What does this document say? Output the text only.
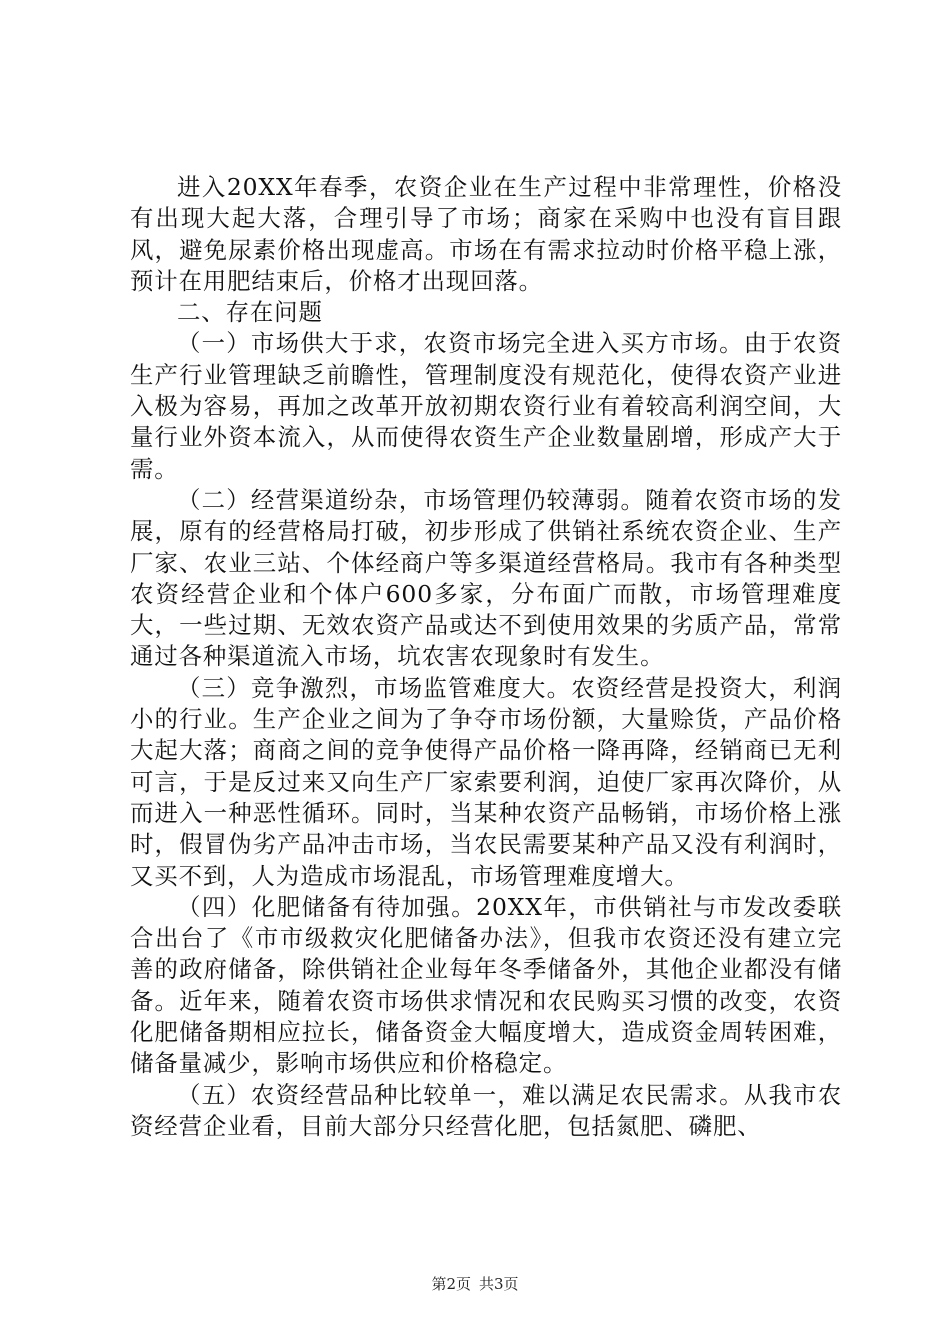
进入20XX年春季，农资企业在生产过程中非常理性，价格没有出现大起大落，合理引导了市场；商家在采购中也没有盲目跟风，避免尿素价格出现虚高。市场在有需求拉动时价格平稳上涨，预计在用肥结束后，价格才出现回落。

二、存在问题

（一）市场供大于求，农资市场完全进入买方市场。由于农资生产行业管理缺乏前瞻性，管理制度没有规范化，使得农资产业进入极为容易，再加之改革开放初期农资行业有着较高利润空间，大量行业外资本流入，从而使得农资生产企业数量剧增，形成产大于需。

（二）经营渠道纷杂，市场管理仍较薄弱。随着农资市场的发展，原有的经营格局打破，初步形成了供销社系统农资企业、生产厂家、农业三站、个体经商户等多渠道经营格局。我市有各种类型农资经营企业和个体户600多家，分布面广而散，市场管理难度大，一些过期、无效农资产品或达不到使用效果的劣质产品，常常通过各种渠道流入市场，坑农害农现象时有发生。

（三）竞争激烈，市场监管难度大。农资经营是投资大，利润小的行业。生产企业之间为了争夺市场份额，大量赊货，产品价格大起大落；商商之间的竞争使得产品价格一降再降，经销商已无利可言，于是反过来又向生产厂家索要利润，迫使厂家再次降价，从而进入一种恶性循环。同时，当某种农资产品畅销，市场价格上涨时，假冒伪劣产品冲击市场，当农民需要某种产品又没有利润时，又买不到，人为造成市场混乱，市场管理难度增大。

（四）化肥储备有待加强。20XX年，市供销社与市发改委联合出台了《市市级救灾化肥储备办法》，但我市农资还没有建立完善的政府储备，除供销社企业每年冬季储备外，其他企业都没有储备。近年来，随着农资市场供求情况和农民购买习惯的改变，农资化肥储备期相应拉长，储备资金大幅度增大，造成资金周转困难，储备量减少，影响市场供应和价格稳定。

（五）农资经营品种比较单一，难以满足农民需求。从我市农资经营企业看，目前大部分只经营化肥，包括氮肥、磷肥、

第2页 共3页
